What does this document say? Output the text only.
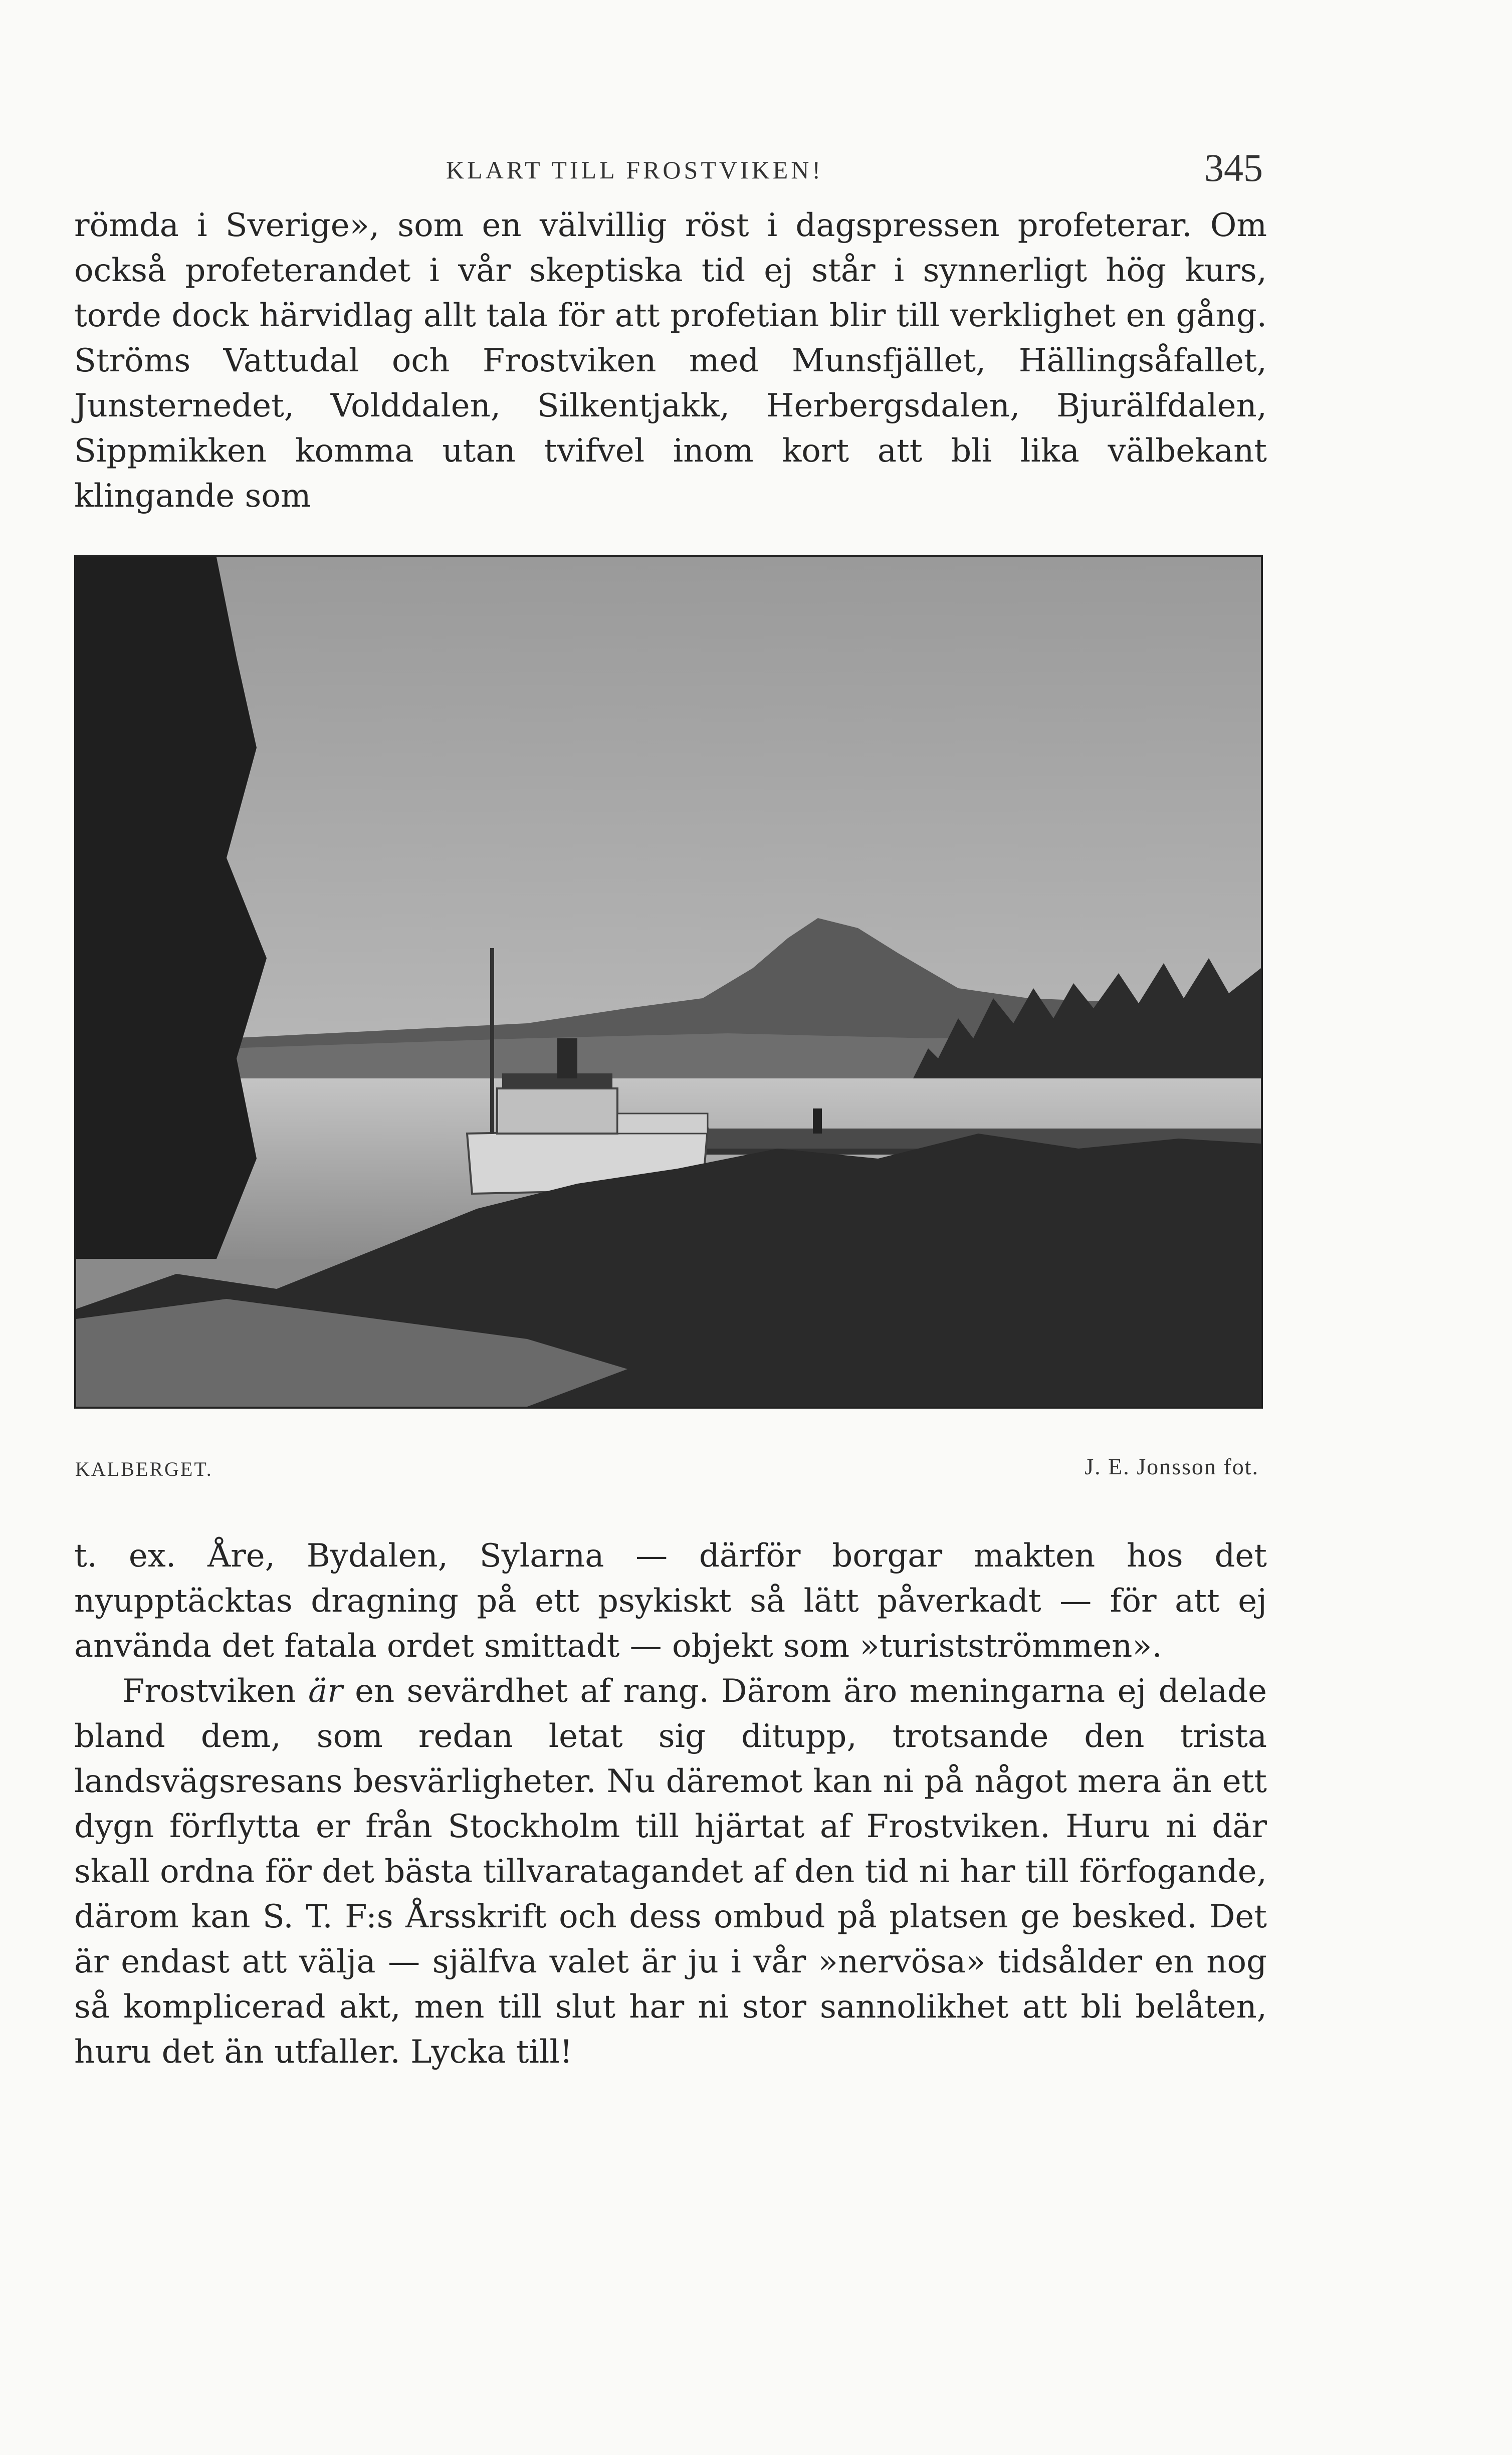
KLART TILL FROSTVIKEN!	345

römda i Sverige», som en välvillig röst i dagspressen profeterar. Om också profeterandet i vår skeptiska tid ej står i synnerligt hög kurs, torde dock härvidlag allt tala för att profetian blir till verklighet en gång. Ströms Vattudal och Frostviken med Munsfjället, Hällingsåfallet, Junsternedet, Volddalen, Silkentjakk, Herbergsdalen, Bjurälfdalen, Sippmikken komma utan tvifvel inom kort att bli lika välbekant klingande som

KALBERGET.	J. E. Jonsson fot.

t. ex. Åre, Bydalen, Sylarna — därför borgar makten hos det nyupptäcktas dragning på ett psykiskt så lätt påverkadt — för att ej använda det fatala ordet smittadt — objekt som »turistströmmen».

Frostviken är en sevärdhet af rang. Därom äro meningarna ej delade bland dem, som redan letat sig ditupp, trotsande den trista landsvägsresans besvärligheter. Nu däremot kan ni på något mera än ett dygn förflytta er från Stockholm till hjärtat af Frostviken. Huru ni där skall ordna för det bästa tillvaratagandet af den tid ni har till förfogande, därom kan S. T. F:s Årsskrift och dess ombud på platsen ge besked. Det är endast att välja — själfva valet är ju i vår »nervösa» tidsålder en nog så komplicerad akt, men till slut har ni stor sannolikhet att bli belåten, huru det än utfaller. Lycka till!
